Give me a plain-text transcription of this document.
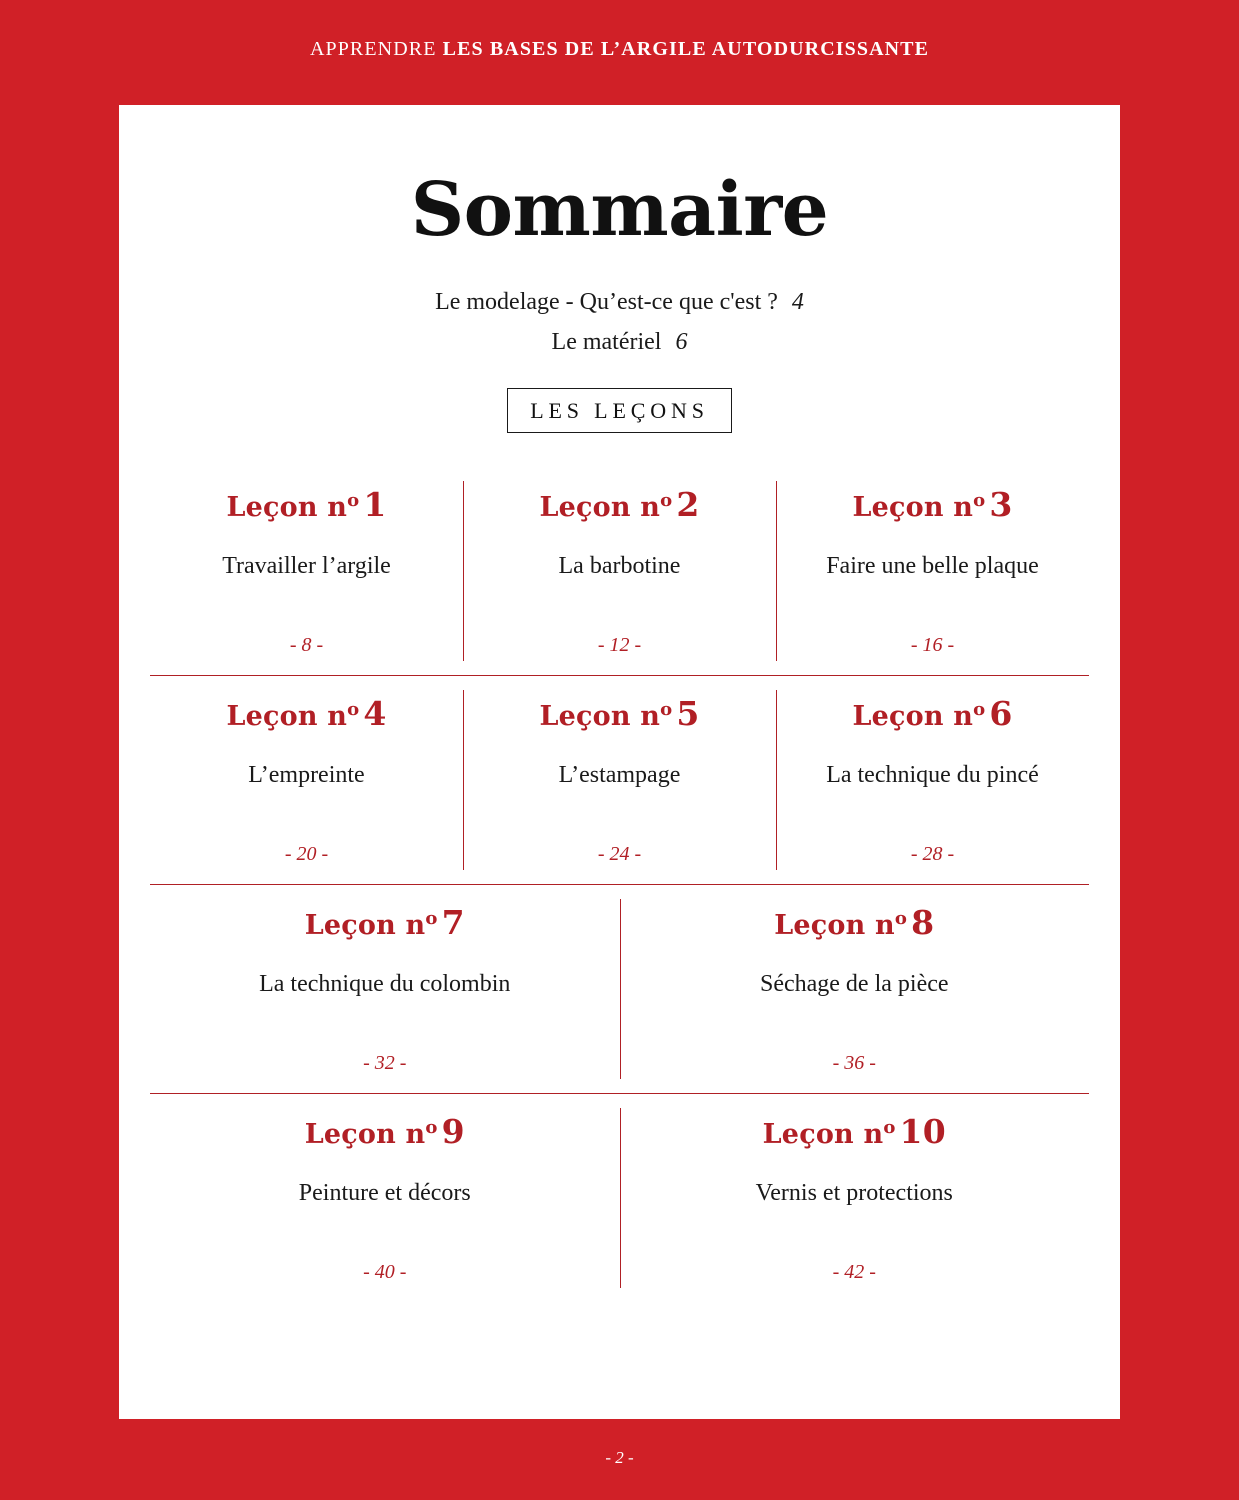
APPRENDRE LES BASES DE L’ARGILE AUTODURCISSANTE
Sommaire
Le modelage - Qu’est-ce que c'est ? 4
Le matériel 6
LES LEÇONS
Leçon $n^o$ 1
Travailler l’argile
- 8 -
Leçon $n^o$ 2
La barbotine
- 12 -
Leçon $n^o$ 3
Faire une belle plaque
- 16 -
Leçon $n^o$ 4
L’empreinte
- 20 -
Leçon $n^o$ 5
L’estampage
- 24 -
Leçon $n^o$ 6
La technique du pincé
- 28 -
Leçon $n^o$ 7
La technique du colombin
- 32 -
Leçon $n^o$ 8
Séchage de la pièce
- 36 -
Leçon $n^o$ 9
Peinture et décors
- 40 -
Leçon $n^o$ 10
Vernis et protections
- 42 -
- 2 -
